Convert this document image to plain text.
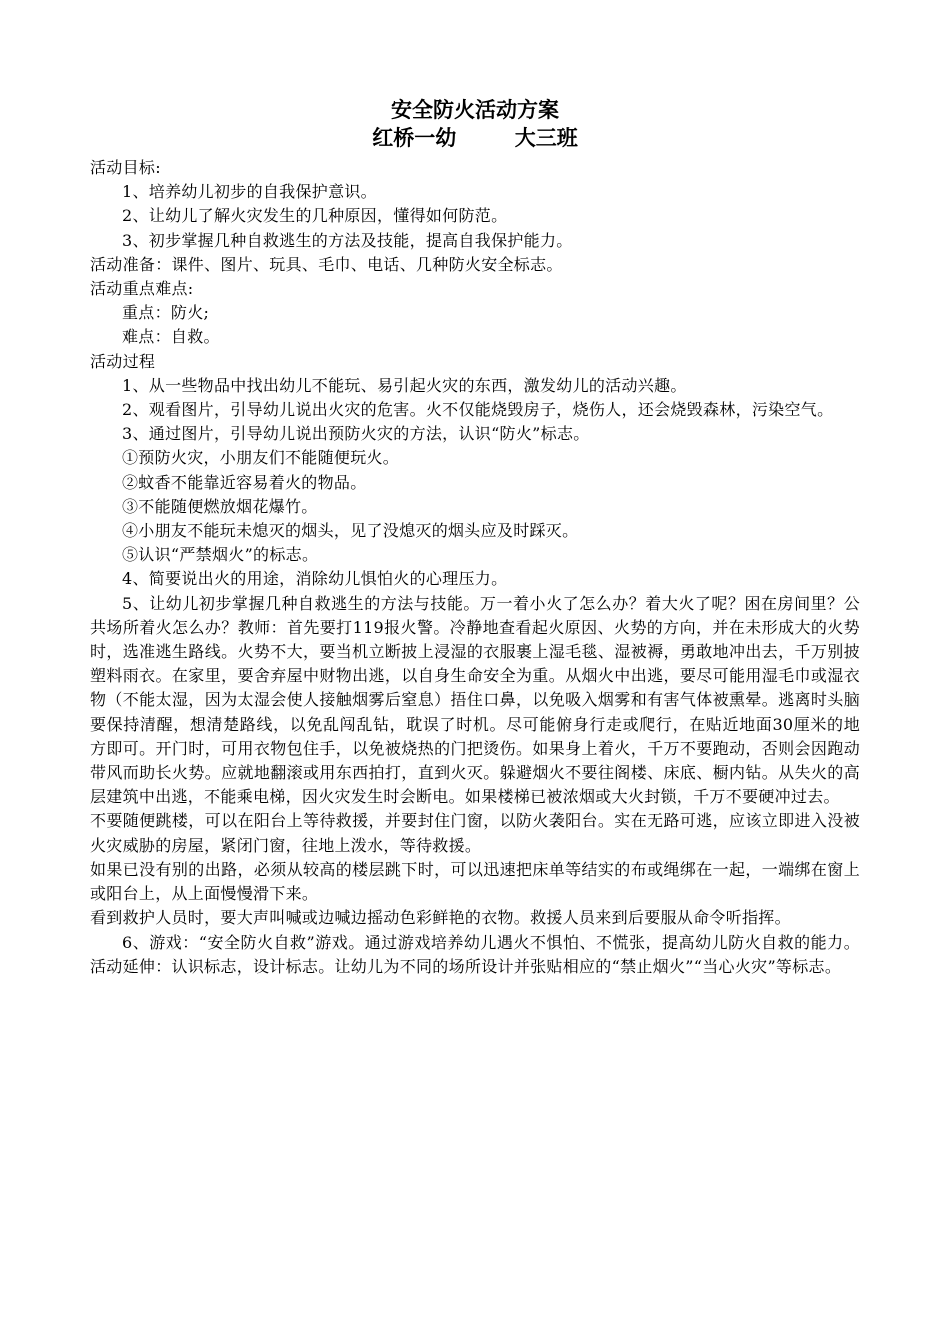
安全防火活动方案
红桥一幼        大三班

活动目标:

1、培养幼儿初步的自我保护意识。

2、让幼儿了解火灾发生的几种原因，懂得如何防范。

3、初步掌握几种自救逃生的方法及技能，提高自我保护能力。

活动准备：课件、图片、玩具、毛巾、电话、几种防火安全标志。

活动重点难点:

重点：防火;

难点：自救。

活动过程

1、从一些物品中找出幼儿不能玩、易引起火灾的东西，激发幼儿的活动兴趣。

2、观看图片，引导幼儿说出火灾的危害。火不仅能烧毁房子，烧伤人，还会烧毁森林，污染空气。

3、通过图片，引导幼儿说出预防火灾的方法，认识“防火”标志。

①预防火灾，小朋友们不能随便玩火。

②蚊香不能靠近容易着火的物品。

③不能随便燃放烟花爆竹。

④小朋友不能玩未熄灭的烟头，见了没熄灭的烟头应及时踩灭。

⑤认识“严禁烟火”的标志。

4、简要说出火的用途，消除幼儿惧怕火的心理压力。

5、让幼儿初步掌握几种自救逃生的方法与技能。万一着小火了怎么办？着大火了呢？困在房间里？公共场所着火怎么办？教师：首先要打119报火警。冷静地查看起火原因、火势的方向，并在未形成大的火势时，选准逃生路线。火势不大，要当机立断披上浸湿的衣服裹上湿毛毯、湿被褥，勇敢地冲出去，千万别披塑料雨衣。在家里，要舍弃屋中财物出逃，以自身生命安全为重。从烟火中出逃，要尽可能用湿毛巾或湿衣物（不能太湿，因为太湿会使人接触烟雾后窒息）捂住口鼻，以免吸入烟雾和有害气体被熏晕。逃离时头脑要保持清醒，想清楚路线，以免乱闯乱钻，耽误了时机。尽可能俯身行走或爬行，在贴近地面30厘米的地方即可。开门时，可用衣物包住手，以免被烧热的门把烫伤。如果身上着火，千万不要跑动，否则会因跑动带风而助长火势。应就地翻滚或用东西拍打，直到火灭。躲避烟火不要往阁楼、床底、橱内钻。从失火的高层建筑中出逃，不能乘电梯，因火灾发生时会断电。如果楼梯已被浓烟或大火封锁，千万不要硬冲过去。

不要随便跳楼，可以在阳台上等待救援，并要封住门窗，以防火袭阳台。实在无路可逃，应该立即进入没被火灾威胁的房屋，紧闭门窗，往地上泼水，等待救援。

如果已没有别的出路，必须从较高的楼层跳下时，可以迅速把床单等结实的布或绳绑在一起，一端绑在窗上或阳台上，从上面慢慢滑下来。

看到救护人员时，要大声叫喊或边喊边摇动色彩鲜艳的衣物。救援人员来到后要服从命令听指挥。

6、游戏：“安全防火自救”游戏。通过游戏培养幼儿遇火不惧怕、不慌张，提高幼儿防火自救的能力。活动延伸：认识标志，设计标志。让幼儿为不同的场所设计并张贴相应的“禁止烟火”“当心火灾”等标志。
